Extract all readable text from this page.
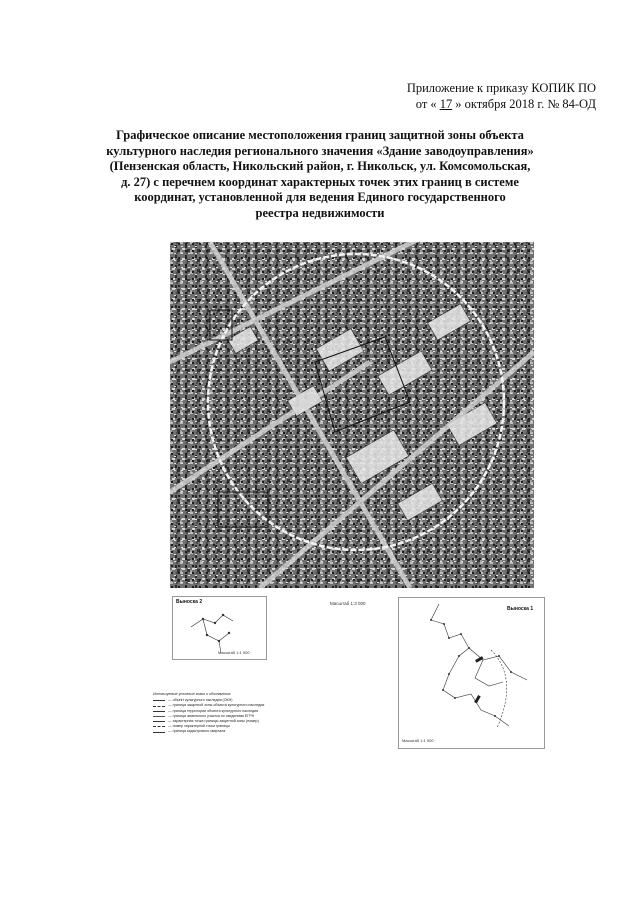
Приложение к приказу КОПИК ПО
от « 17 » октября 2018 г. № 84-ОД
Графическое описание местоположения границ защитной зоны объекта
культурного наследия регионального значения «Здание заводоуправления»
(Пензенская область, Никольский район, г. Никольск, ул. Комсомольская,
д. 27) с перечнем координат характерных точек этих границ в системе
координат, установленной для ведения Единого государственного
реестра недвижимости
Масштаб 1:3 000
Выноска 2
Масштаб 1:1 000
Выноска 1
Масштаб 1:1 000
Используемые условные знаки и обозначения:
— объект культурного наследия (ОКН)
— граница защитной зоны объекта культурного наследия
— граница территории объекта культурного наследия
— граница земельного участка по сведениям ЕГРН
— характерная точка границы защитной зоны (номер)
— номер характерной точки границы
— граница кадастрового квартала
